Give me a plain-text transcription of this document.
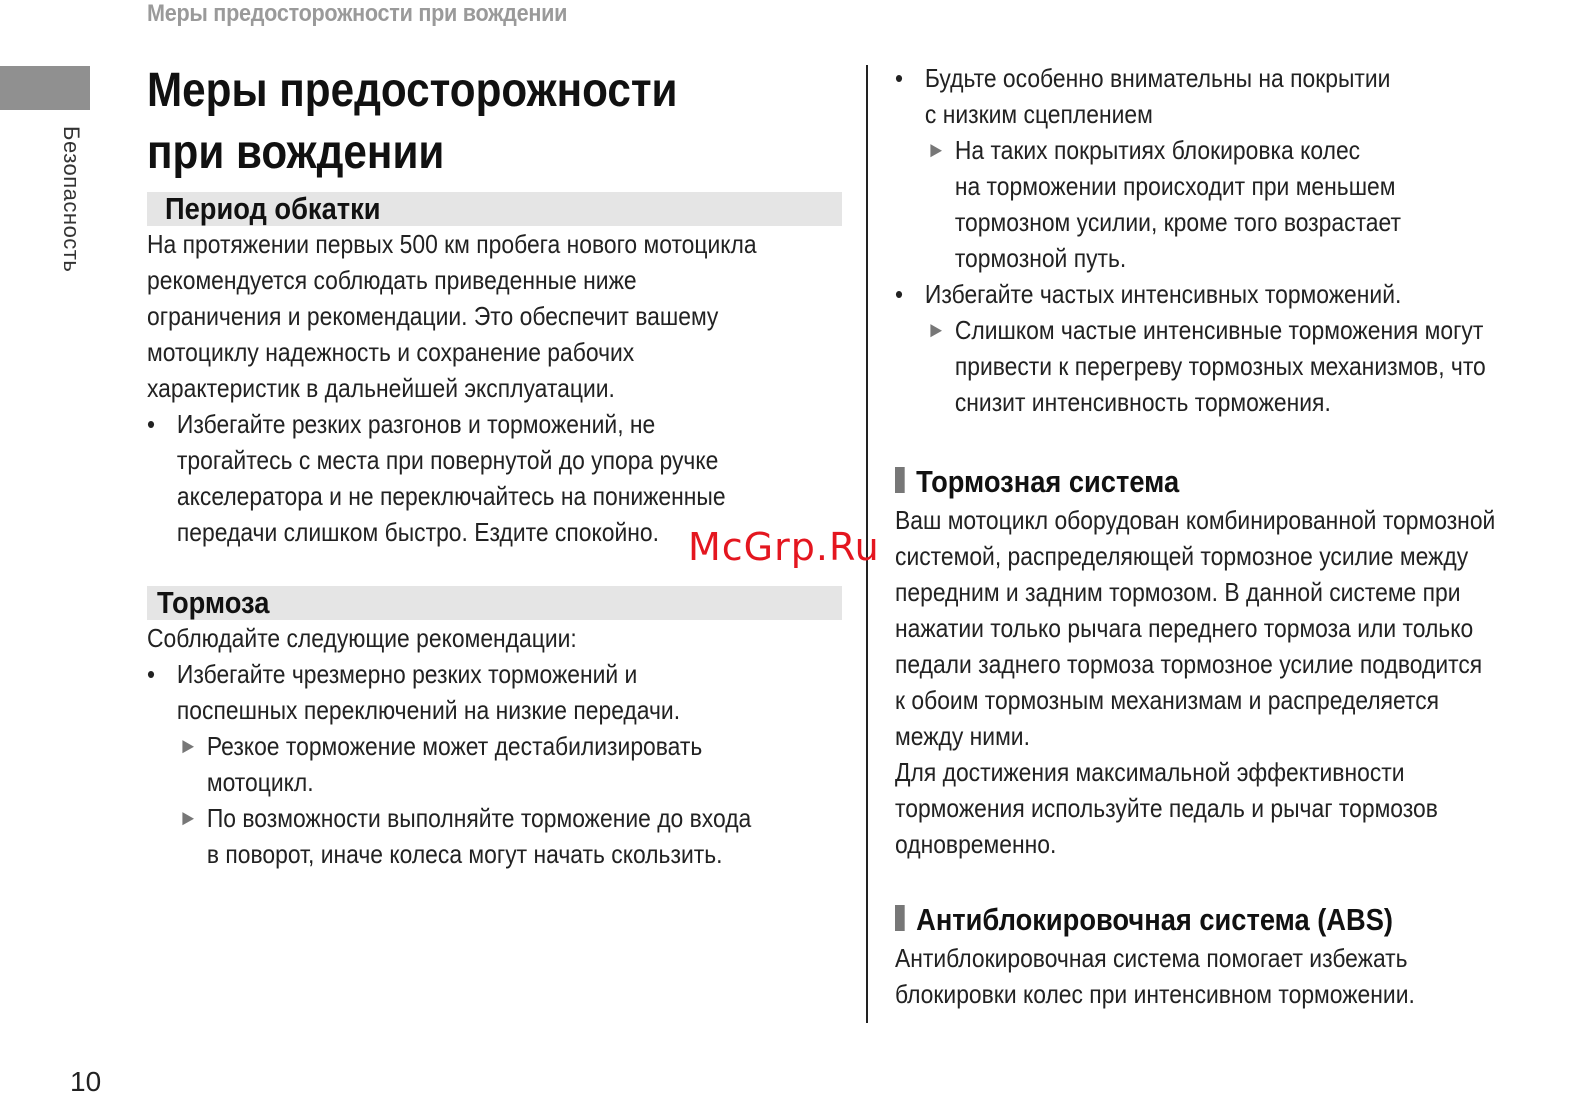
Меры предосторожности при вождении
Безопасность
10
Меры предосторожности
при вождении
Период обкатки
На протяжении первых 500 км пробега нового мотоцикла
рекомендуется соблюдать приведенные ниже
ограничения и рекомендации. Это обеспечит вашему
мотоциклу надежность и сохранение рабочих
характеристик в дальнейшей эксплуатации.
• Избегайте резких разгонов и торможений, не
трогайтесь с места при повернутой до упора ручке
акселератора и не переключайтесь на пониженные
передачи слишком быстро. Ездите спокойно.
Тормоза
Соблюдайте следующие рекомендации:
• Избегайте чрезмерно резких торможений и
поспешных переключений на низкие передачи.
► Резкое торможение может дестабилизировать
мотоцикл.
► По возможности выполняйте торможение до входа
в поворот, иначе колеса могут начать скользить.
• Будьте особенно внимательны на покрытии
с низким сцеплением
► На таких покрытиях блокировка колес
на торможении происходит при меньшем
тормозном усилии, кроме того возрастает
тормозной путь.
• Избегайте частых интенсивных торможений.
► Слишком частые интенсивные торможения могут
привести к перегреву тормозных механизмов, что
снизит интенсивность торможения.
Тормозная система
Ваш мотоцикл оборудован комбинированной тормозной
системой, распределяющей тормозное усилие между
передним и задним тормозом. В данной системе при
нажатии только рычага переднего тормоза или только
педали заднего тормоза тормозное усилие подводится
к обоим тормозным механизмам и распределяется
между ними.
Для достижения максимальной эффективности
торможения используйте педаль и рычаг тормозов
одновременно.
Антиблокировочная система (ABS)
Антиблокировочная система помогает избежать
блокировки колес при интенсивном торможении.
McGrp.Ru
